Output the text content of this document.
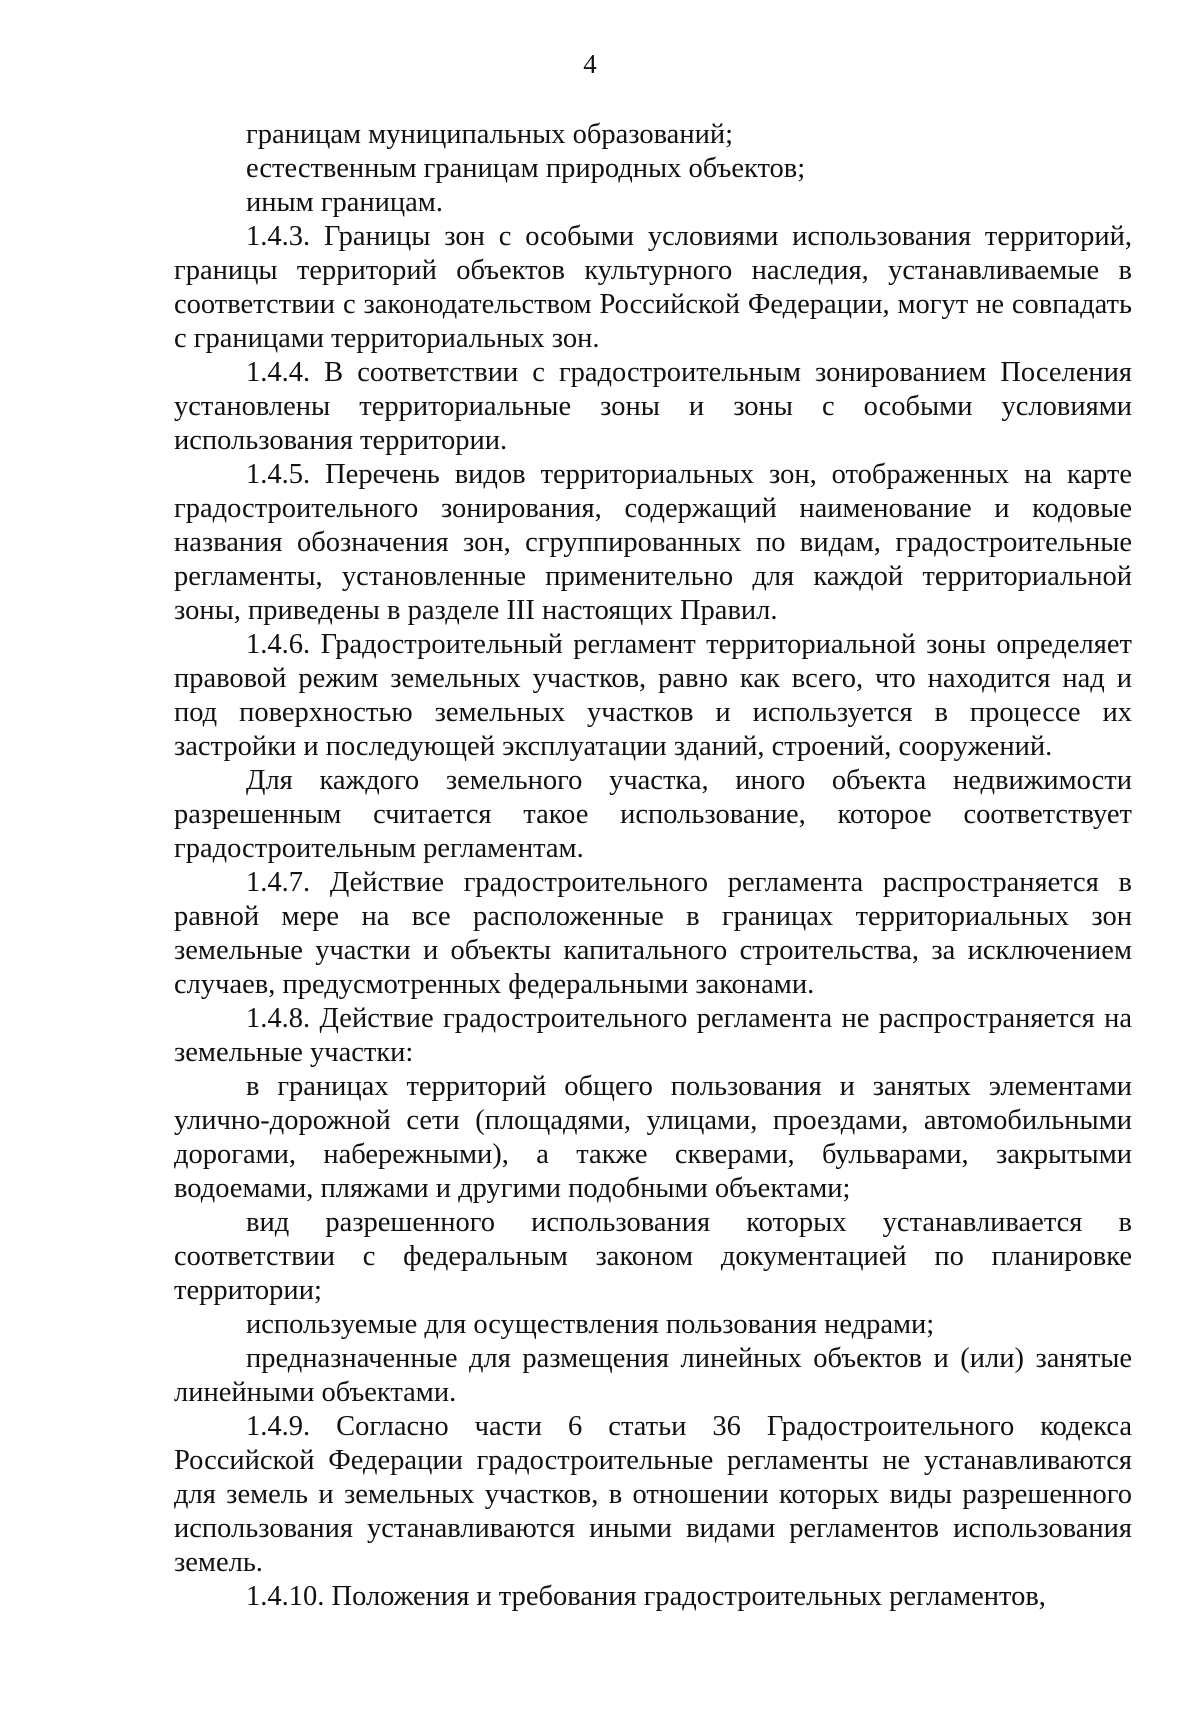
4

границам муниципальных образований;

естественным границам природных объектов;

иным границам.

1.4.3. Границы зон с особыми условиями использования территорий, границы территорий объектов культурного наследия, устанавливаемые в соответствии с законодательством Российской Федерации, могут не совпадать с границами территориальных зон.

1.4.4. В соответствии с градостроительным зонированием Поселения установлены территориальные зоны и зоны с особыми условиями использования территории.

1.4.5. Перечень видов территориальных зон, отображенных на карте градостроительного зонирования, содержащий наименование и кодовые названия обозначения зон, сгруппированных по видам, градостроительные регламенты, установленные применительно для каждой территориальной зоны, приведены в разделе III настоящих Правил.

1.4.6. Градостроительный регламент территориальной зоны определяет правовой режим земельных участков, равно как всего, что находится над и под поверхностью земельных участков и используется в процессе их застройки и последующей эксплуатации зданий, строений, сооружений.

Для каждого земельного участка, иного объекта недвижимости разрешенным считается такое использование, которое соответствует градостроительным регламентам.

1.4.7. Действие градостроительного регламента распространяется в равной мере на все расположенные в границах территориальных зон земельные участки и объекты капитального строительства, за исключением случаев, предусмотренных федеральными законами.

1.4.8. Действие градостроительного регламента не распространяется на земельные участки:

в границах территорий общего пользования и занятых элементами улично-дорожной сети (площадями, улицами, проездами, автомобильными дорогами, набережными), а также скверами, бульварами, закрытыми водоемами, пляжами и другими подобными объектами;

вид разрешенного использования которых устанавливается в соответствии с федеральным законом документацией по планировке территории;

используемые для осуществления пользования недрами;

предназначенные для размещения линейных объектов и (или) занятые линейными объектами.

1.4.9. Согласно части 6 статьи 36 Градостроительного кодекса Российской Федерации градостроительные регламенты не устанавливаются для земель и земельных участков, в отношении которых виды разрешенного использования устанавливаются иными видами регламентов использования земель.

1.4.10. Положения и требования градостроительных регламентов,
